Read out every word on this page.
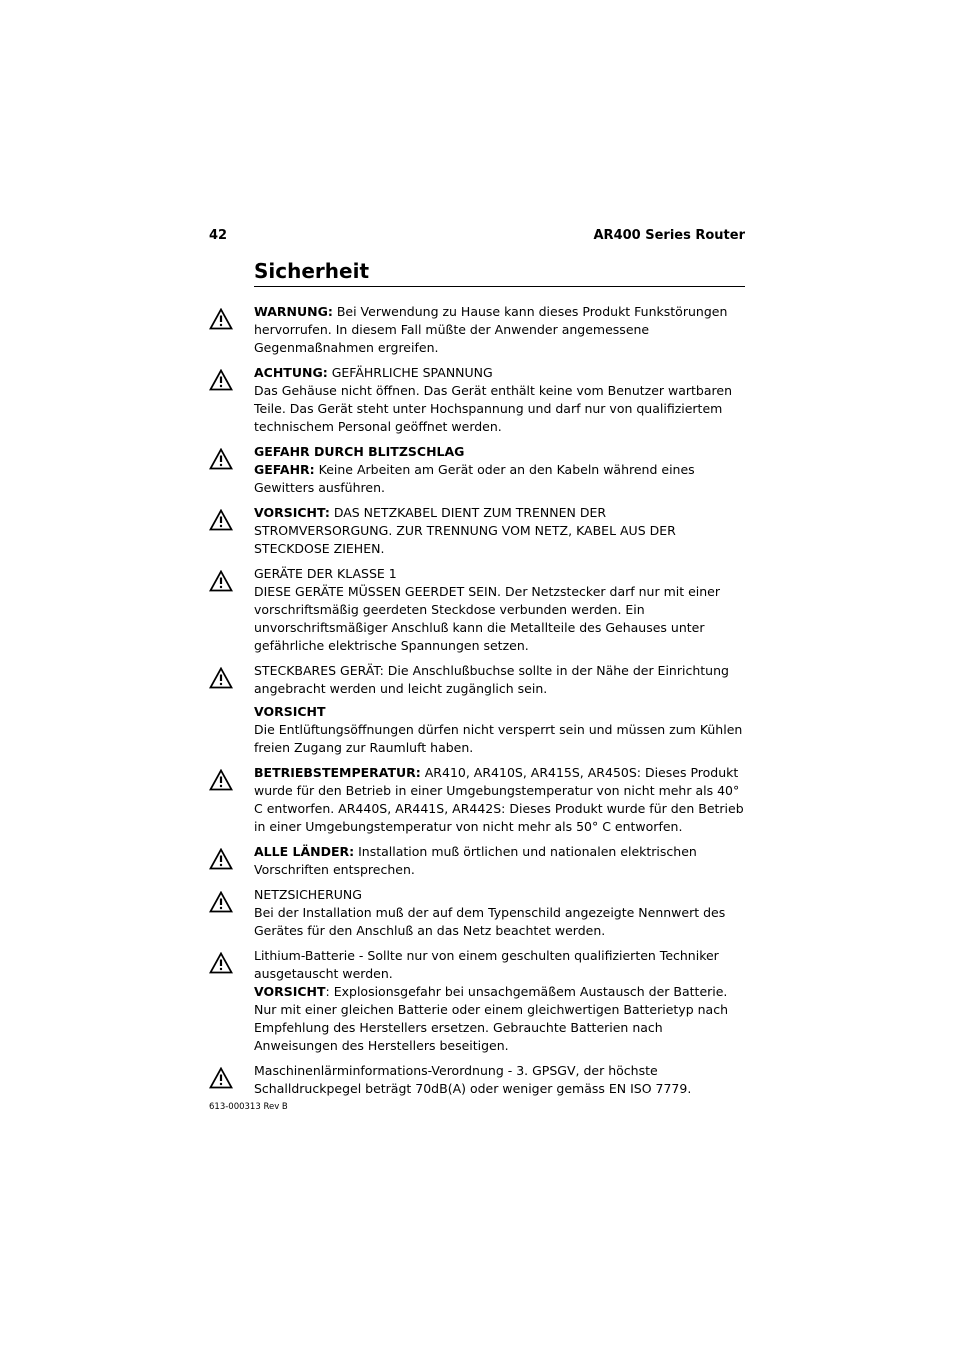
42	AR400 Series Router
Sicherheit

WARNUNG: Bei Verwendung zu Hause kann dieses Produkt Funkstörungen hervorrufen. In diesem Fall müßte der Anwender angemessene Gegenmaßnahmen ergreifen.

ACHTUNG: GEFÄHRLICHE SPANNUNG

Das Gehäuse nicht öffnen. Das Gerät enthält keine vom Benutzer wartbaren Teile. Das Gerät steht unter Hochspannung und darf nur von qualifiziertem technischem Personal geöffnet werden.

GEFAHR DURCH BLITZSCHLAG

GEFAHR: Keine Arbeiten am Gerät oder an den Kabeln während eines Gewitters ausführen.

VORSICHT: DAS NETZKABEL DIENT ZUM TRENNEN DER STROMVERSORGUNG. ZUR TRENNUNG VOM NETZ, KABEL AUS DER STECKDOSE ZIEHEN.

GERÄTE DER KLASSE 1

DIESE GERÄTE MÜSSEN GEERDET SEIN. Der Netzstecker darf nur mit einer vorschriftsmäßig geerdeten Steckdose verbunden werden. Ein unvorschriftsmäßiger Anschluß kann die Metallteile des Gehauses unter gefährliche elektrische Spannungen setzen.

STECKBARES GERÄT: Die Anschlußbuchse sollte in der Nähe der Einrichtung angebracht werden und leicht zugänglich sein.

VORSICHT

Die Entlüftungsöffnungen dürfen nicht versperrt sein und müssen zum Kühlen freien Zugang zur Raumluft haben.

BETRIEBSTEMPERATUR: AR410, AR410S, AR415S, AR450S: Dieses Produkt wurde für den Betrieb in einer Umgebungstemperatur von nicht mehr als 40° C entworfen. AR440S, AR441S, AR442S: Dieses Produkt wurde für den Betrieb in einer Umgebungstemperatur von nicht mehr als 50° C entworfen.

ALLE LÄNDER: Installation muß örtlichen und nationalen elektrischen Vorschriften entsprechen.

NETZSICHERUNG

Bei der Installation muß der auf dem Typenschild angezeigte Nennwert des Gerätes für den Anschluß an das Netz beachtet werden.

Lithium-Batterie - Sollte nur von einem geschulten qualifizierten Techniker ausgetauscht werden.

VORSICHT: Explosionsgefahr bei unsachgemäßem Austausch der Batterie. Nur mit einer gleichen Batterie oder einem gleichwertigen Batterietyp nach Empfehlung des Herstellers ersetzen. Gebrauchte Batterien nach Anweisungen des Herstellers beseitigen.

Maschinenlärminformations-Verordnung - 3. GPSGV, der höchste Schalldruckpegel beträgt 70dB(A) oder weniger gemäss EN ISO 7779.

613-000313 Rev B
